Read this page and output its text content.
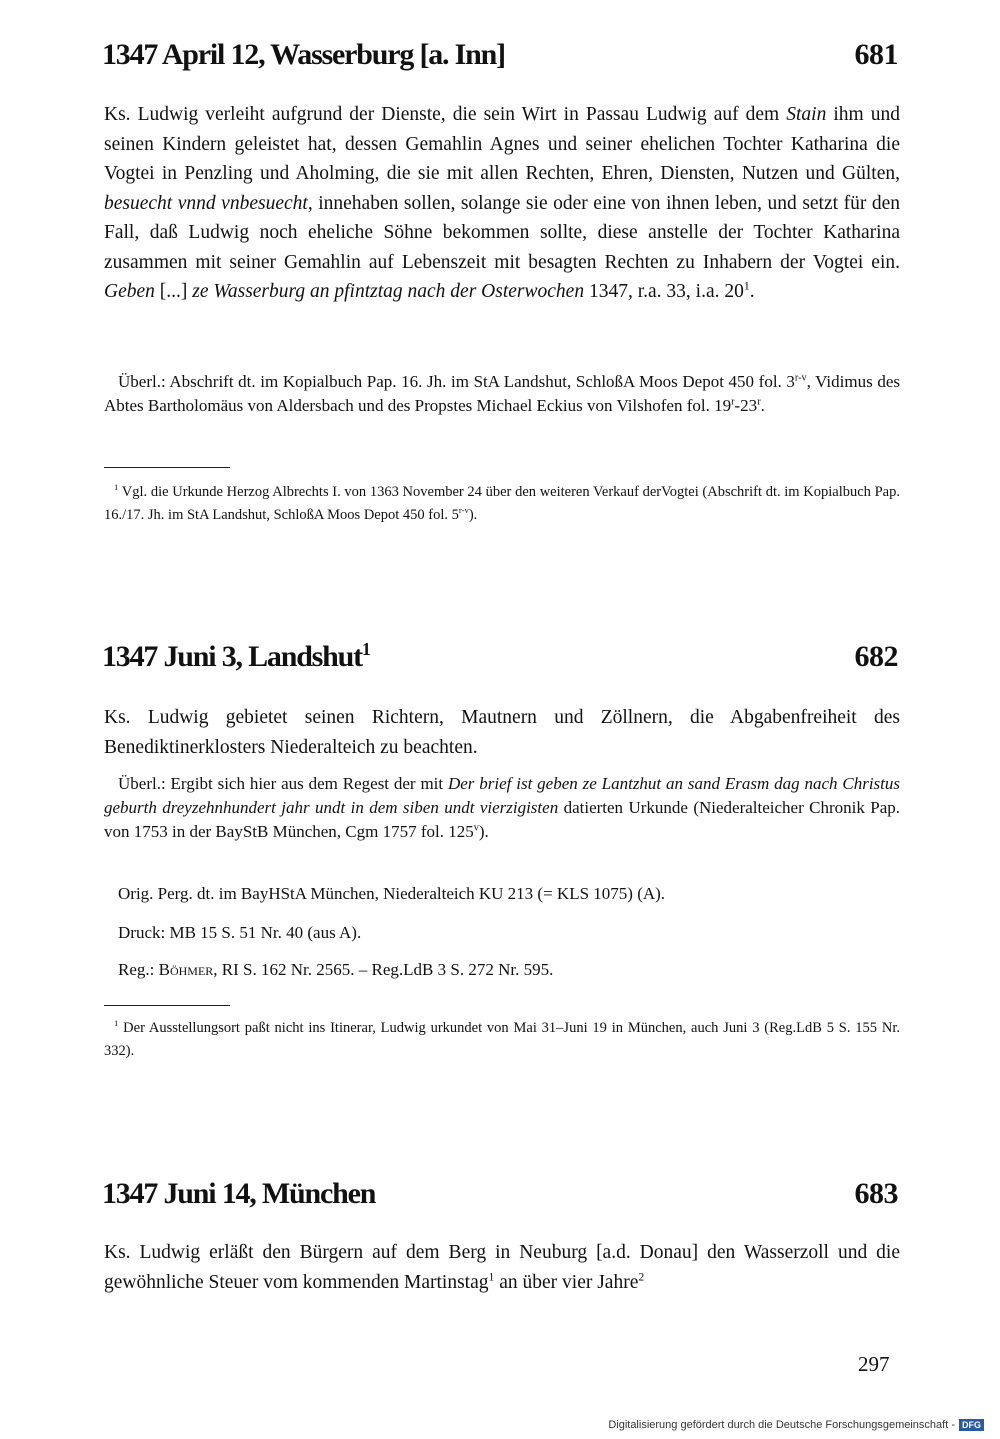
1347 April 12, Wasserburg [a. Inn]	681

Ks. Ludwig verleiht aufgrund der Dienste, die sein Wirt in Passau Ludwig auf dem Stain ihm und seinen Kindern geleistet hat, dessen Gemahlin Agnes und seiner ehelichen Tochter Katharina die Vogtei in Penzling und Aholming, die sie mit allen Rechten, Ehren, Diensten, Nutzen und Gülten, besuecht vnnd vnbesuecht, innehaben sollen, solange sie oder eine von ihnen leben, und setzt für den Fall, daß Ludwig noch eheliche Söhne bekommen sollte, diese anstelle der Tochter Katharina zusammen mit seiner Gemahlin auf Lebenszeit mit besagten Rechten zu Inhabern der Vogtei ein. Geben [...] ze Wasserburg an pfintztag nach der Osterwochen 1347, r.a. 33, i.a. $20^1$.

Überl.: Abschrift dt. im Kopialbuch Pap. 16. Jh. im StA Landshut, SchloßA Moos Depot 450 fol. 3$^{r-v}$, Vidimus des Abtes Bartholomäus von Aldersbach und des Propstes Michael Eckius von Vilshofen fol. 19$^r$-23$^r$.

$^1$ Vgl. die Urkunde Herzog Albrechts I. von 1363 November 24 über den weiteren Verkauf derVogtei (Abschrift dt. im Kopialbuch Pap. 16./17. Jh. im StA Landshut, SchloßA Moos Depot 450 fol. 5$^{r-v}$).

1347 Juni 3, Landshut$^1$	682

Ks. Ludwig gebietet seinen Richtern, Mautnern und Zöllnern, die Abgabenfreiheit des Benediktinerklosters Niederalteich zu beachten.

Überl.: Ergibt sich hier aus dem Regest der mit Der brief ist geben ze Lantzhut an sand Erasm dag nach Christus geburth dreyzehnhundert jahr undt in dem siben undt vierzigisten datierten Urkunde (Niederalteicher Chronik Pap. von 1753 in der BayStB München, Cgm 1757 fol. 125$^v$).

Orig. Perg. dt. im BayHStA München, Niederalteich KU 213 (= KLS 1075) (A).

Druck: MB 15 S. 51 Nr. 40 (aus A).

Reg.: Böhmer, RI S. 162 Nr. 2565. – Reg.LdB 3 S. 272 Nr. 595.

$^1$ Der Ausstellungsort paßt nicht ins Itinerar, Ludwig urkundet von Mai 31–Juni 19 in München, auch Juni 3 (Reg.LdB 5 S. 155 Nr. 332).

1347 Juni 14, München	683

Ks. Ludwig erläßt den Bürgern auf dem Berg in Neuburg [a.d. Donau] den Wasserzoll und die gewöhnliche Steuer vom kommenden Martinstag$^1$ an über vier Jahre$^2$

297
Digitalisierung gefördert durch die Deutsche Forschungsgemeinschaft - DFG
